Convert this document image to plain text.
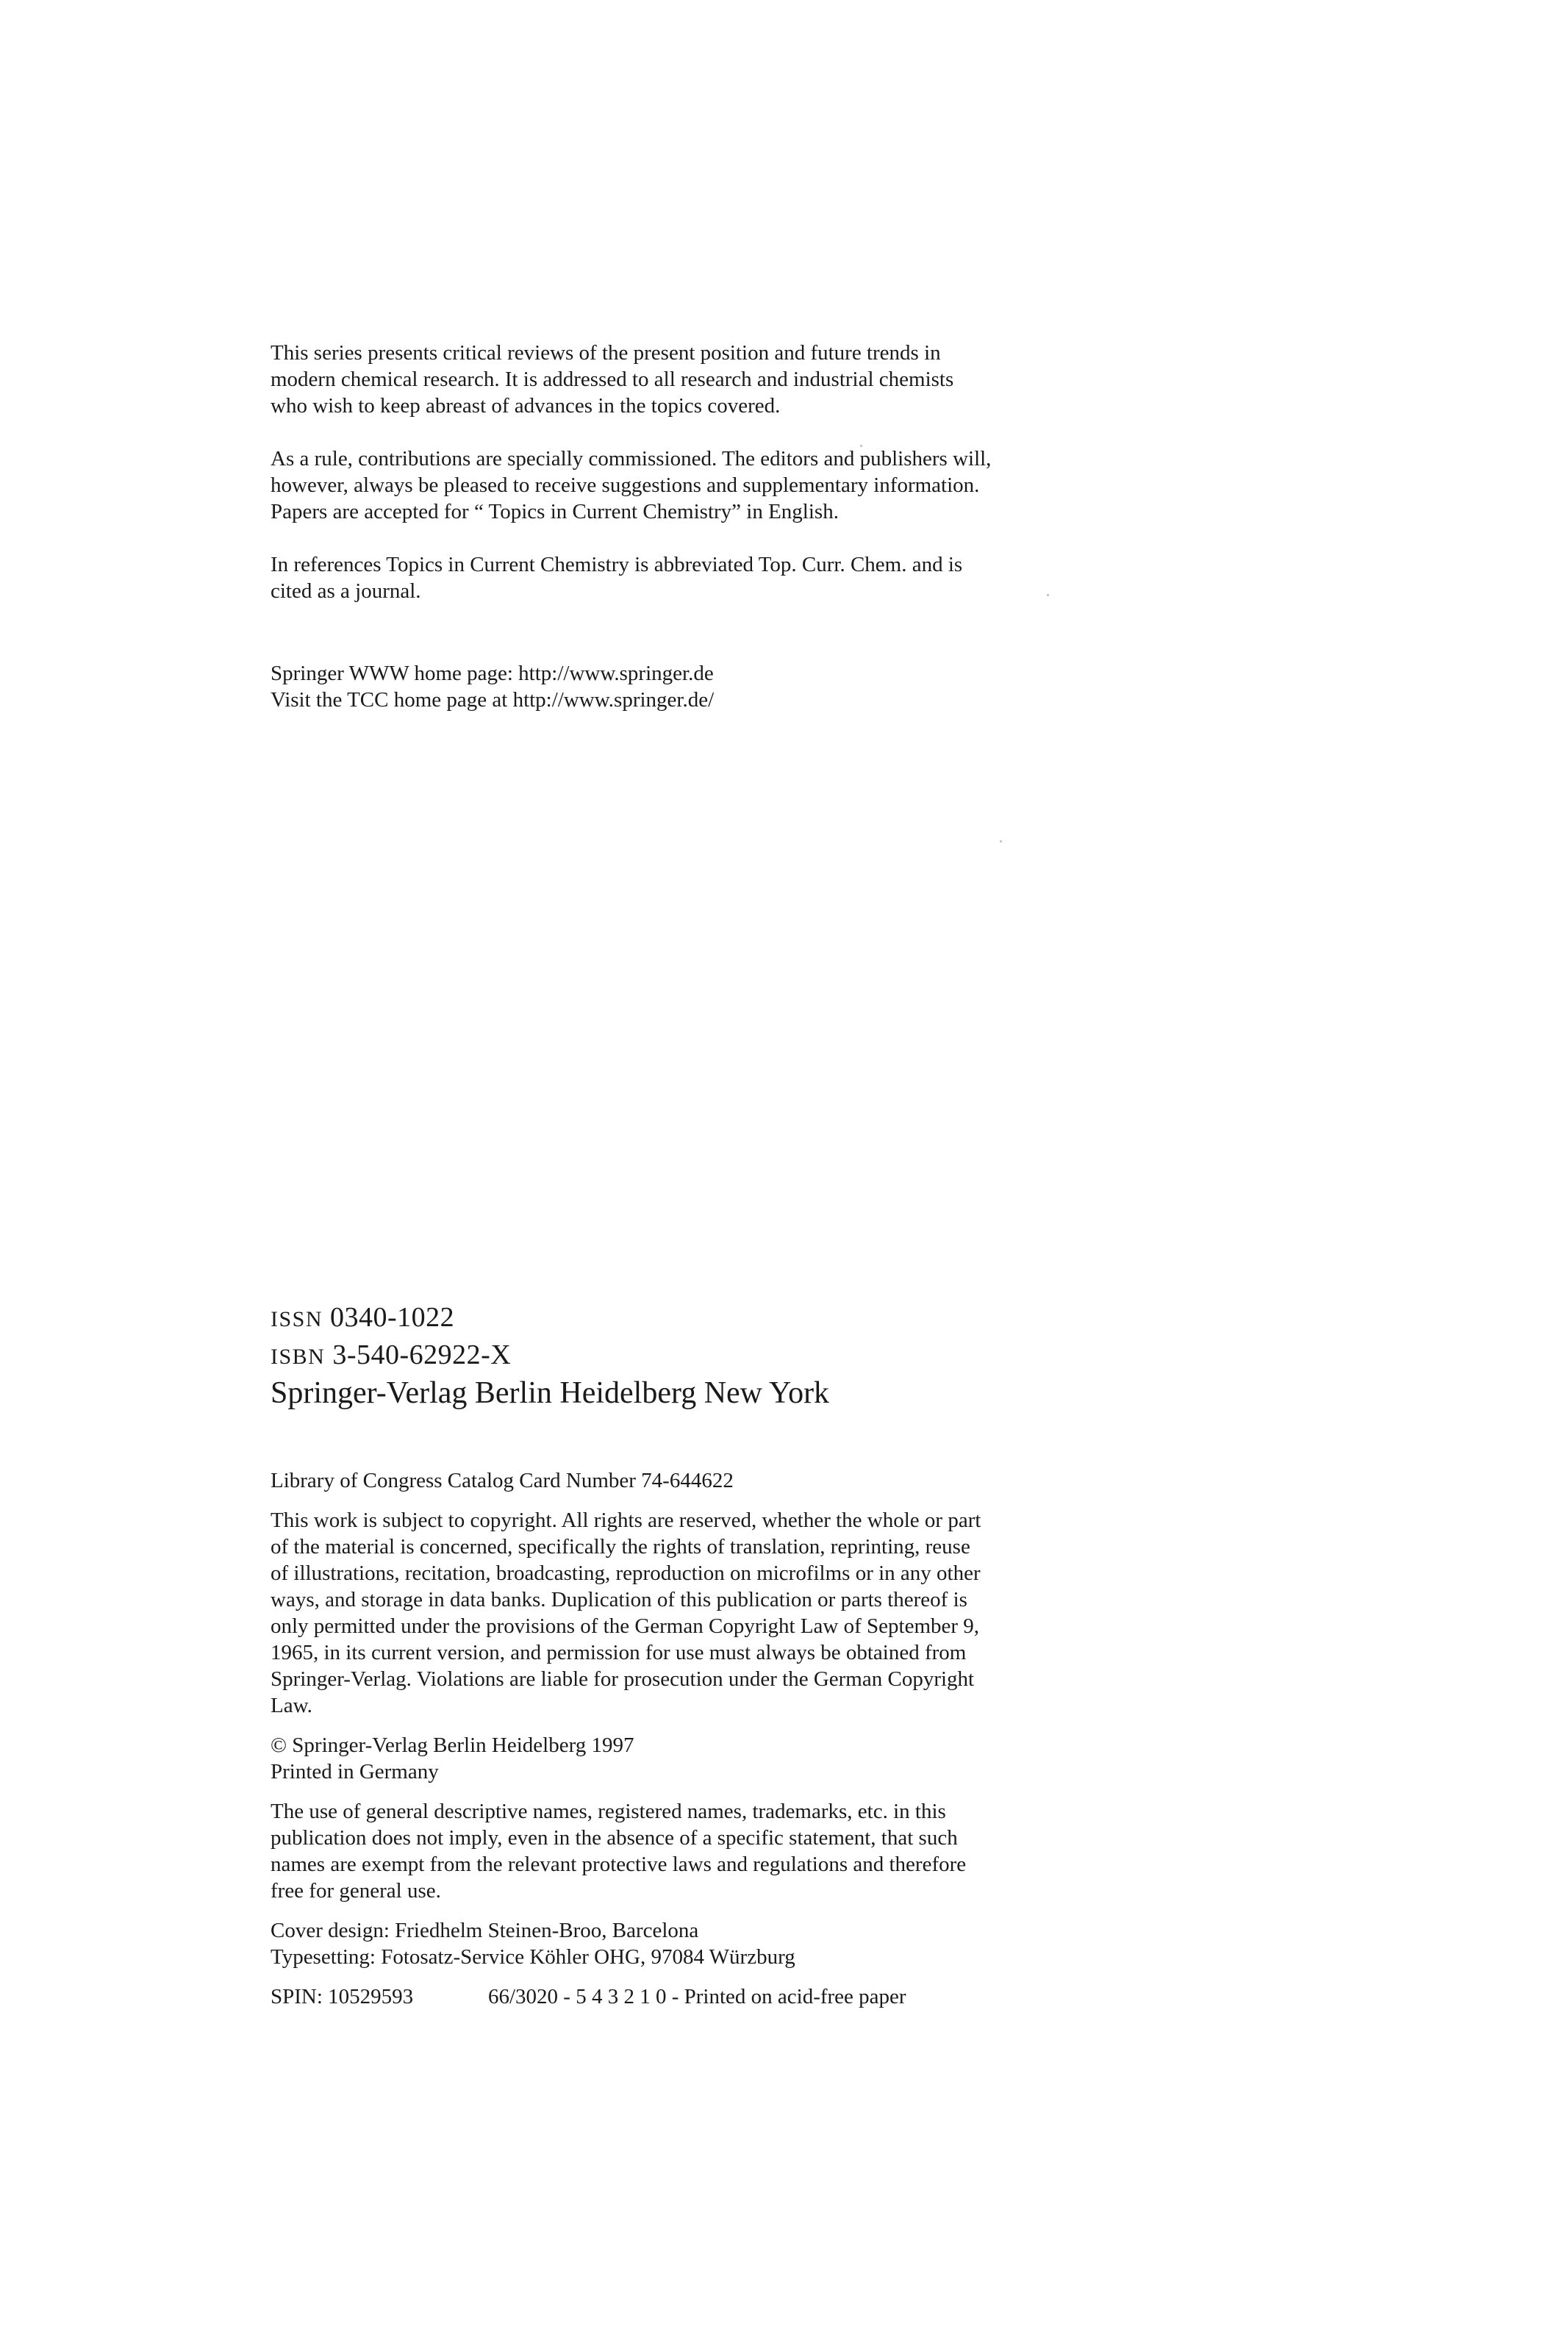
This series presents critical reviews of the present position and future trends in
modern chemical research. It is addressed to all research and industrial chemists
who wish to keep abreast of advances in the topics covered.

As a rule, contributions are specially commissioned. The editors and publishers will,
however, always be pleased to receive suggestions and supplementary information.
Papers are accepted for “ Topics in Current Chemistry” in English.

In references Topics in Current Chemistry is abbreviated Top. Curr. Chem. and is
cited as a journal.

Springer WWW home page: http://www.springer.de
Visit the TCC home page at http://www.springer.de/

ISSN 0340-1022
ISBN 3-540-62922-X
Springer-Verlag Berlin Heidelberg New York

Library of Congress Catalog Card Number 74-644622

This work is subject to copyright. All rights are reserved, whether the whole or part
of the material is concerned, specifically the rights of translation, reprinting, reuse
of illustrations, recitation, broadcasting, reproduction on microfilms or in any other
ways, and storage in data banks. Duplication of this publication or parts thereof is
only permitted under the provisions of the German Copyright Law of September 9,
1965, in its current version, and permission for use must always be obtained from
Springer-Verlag. Violations are liable for prosecution under the German Copyright
Law.

© Springer-Verlag Berlin Heidelberg 1997
Printed in Germany

The use of general descriptive names, registered names, trademarks, etc. in this
publication does not imply, even in the absence of a specific statement, that such
names are exempt from the relevant protective laws and regulations and therefore
free for general use.

Cover design: Friedhelm Steinen-Broo, Barcelona
Typesetting: Fotosatz-Service Köhler OHG, 97084 Würzburg

SPIN: 10529593	66/3020 - 5 4 3 2 1 0 - Printed on acid-free paper
